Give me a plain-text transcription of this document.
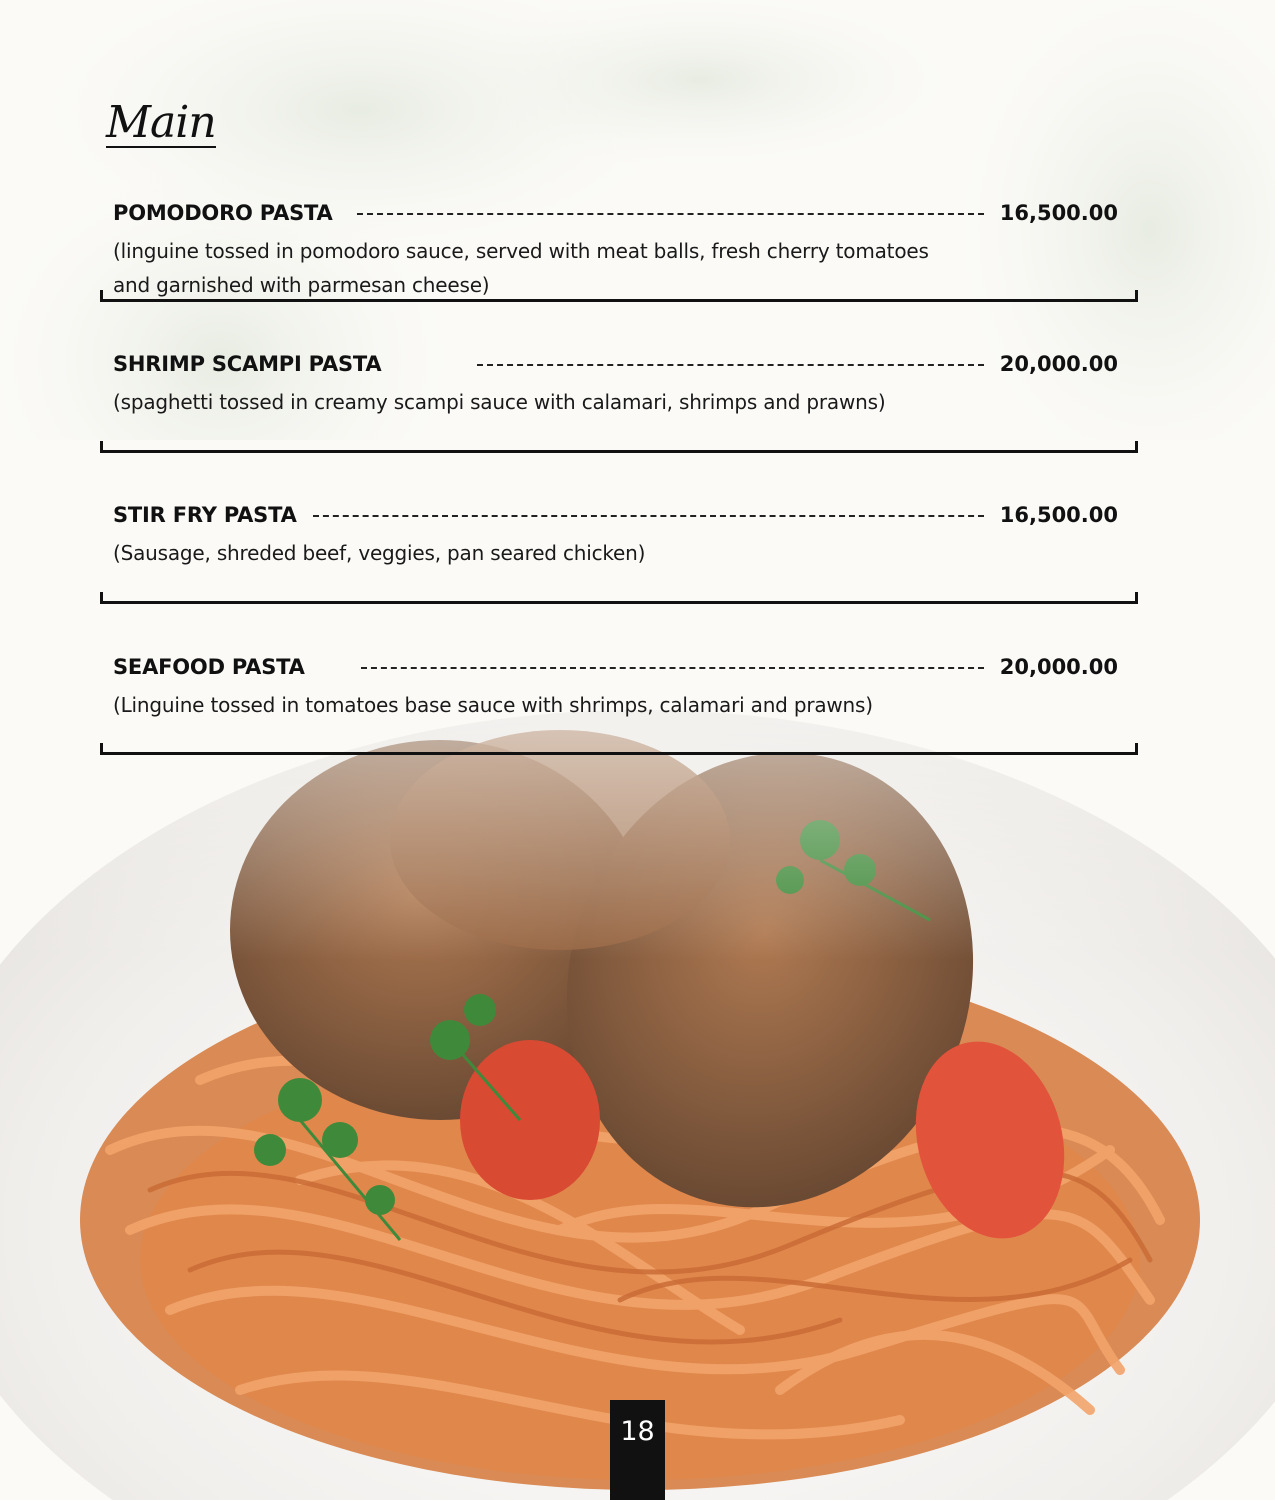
Main
POMODORO PASTA	16,500.00
(linguine tossed in pomodoro sauce, served with meat balls, fresh cherry tomatoes
and garnished with parmesan cheese)
SHRIMP SCAMPI PASTA	20,000.00
(spaghetti tossed in creamy scampi sauce with calamari, shrimps and prawns)
STIR FRY PASTA	16,500.00
(Sausage, shreded beef, veggies, pan seared chicken)
SEAFOOD PASTA	20,000.00
(Linguine tossed in tomatoes base sauce with shrimps, calamari and prawns)
18
